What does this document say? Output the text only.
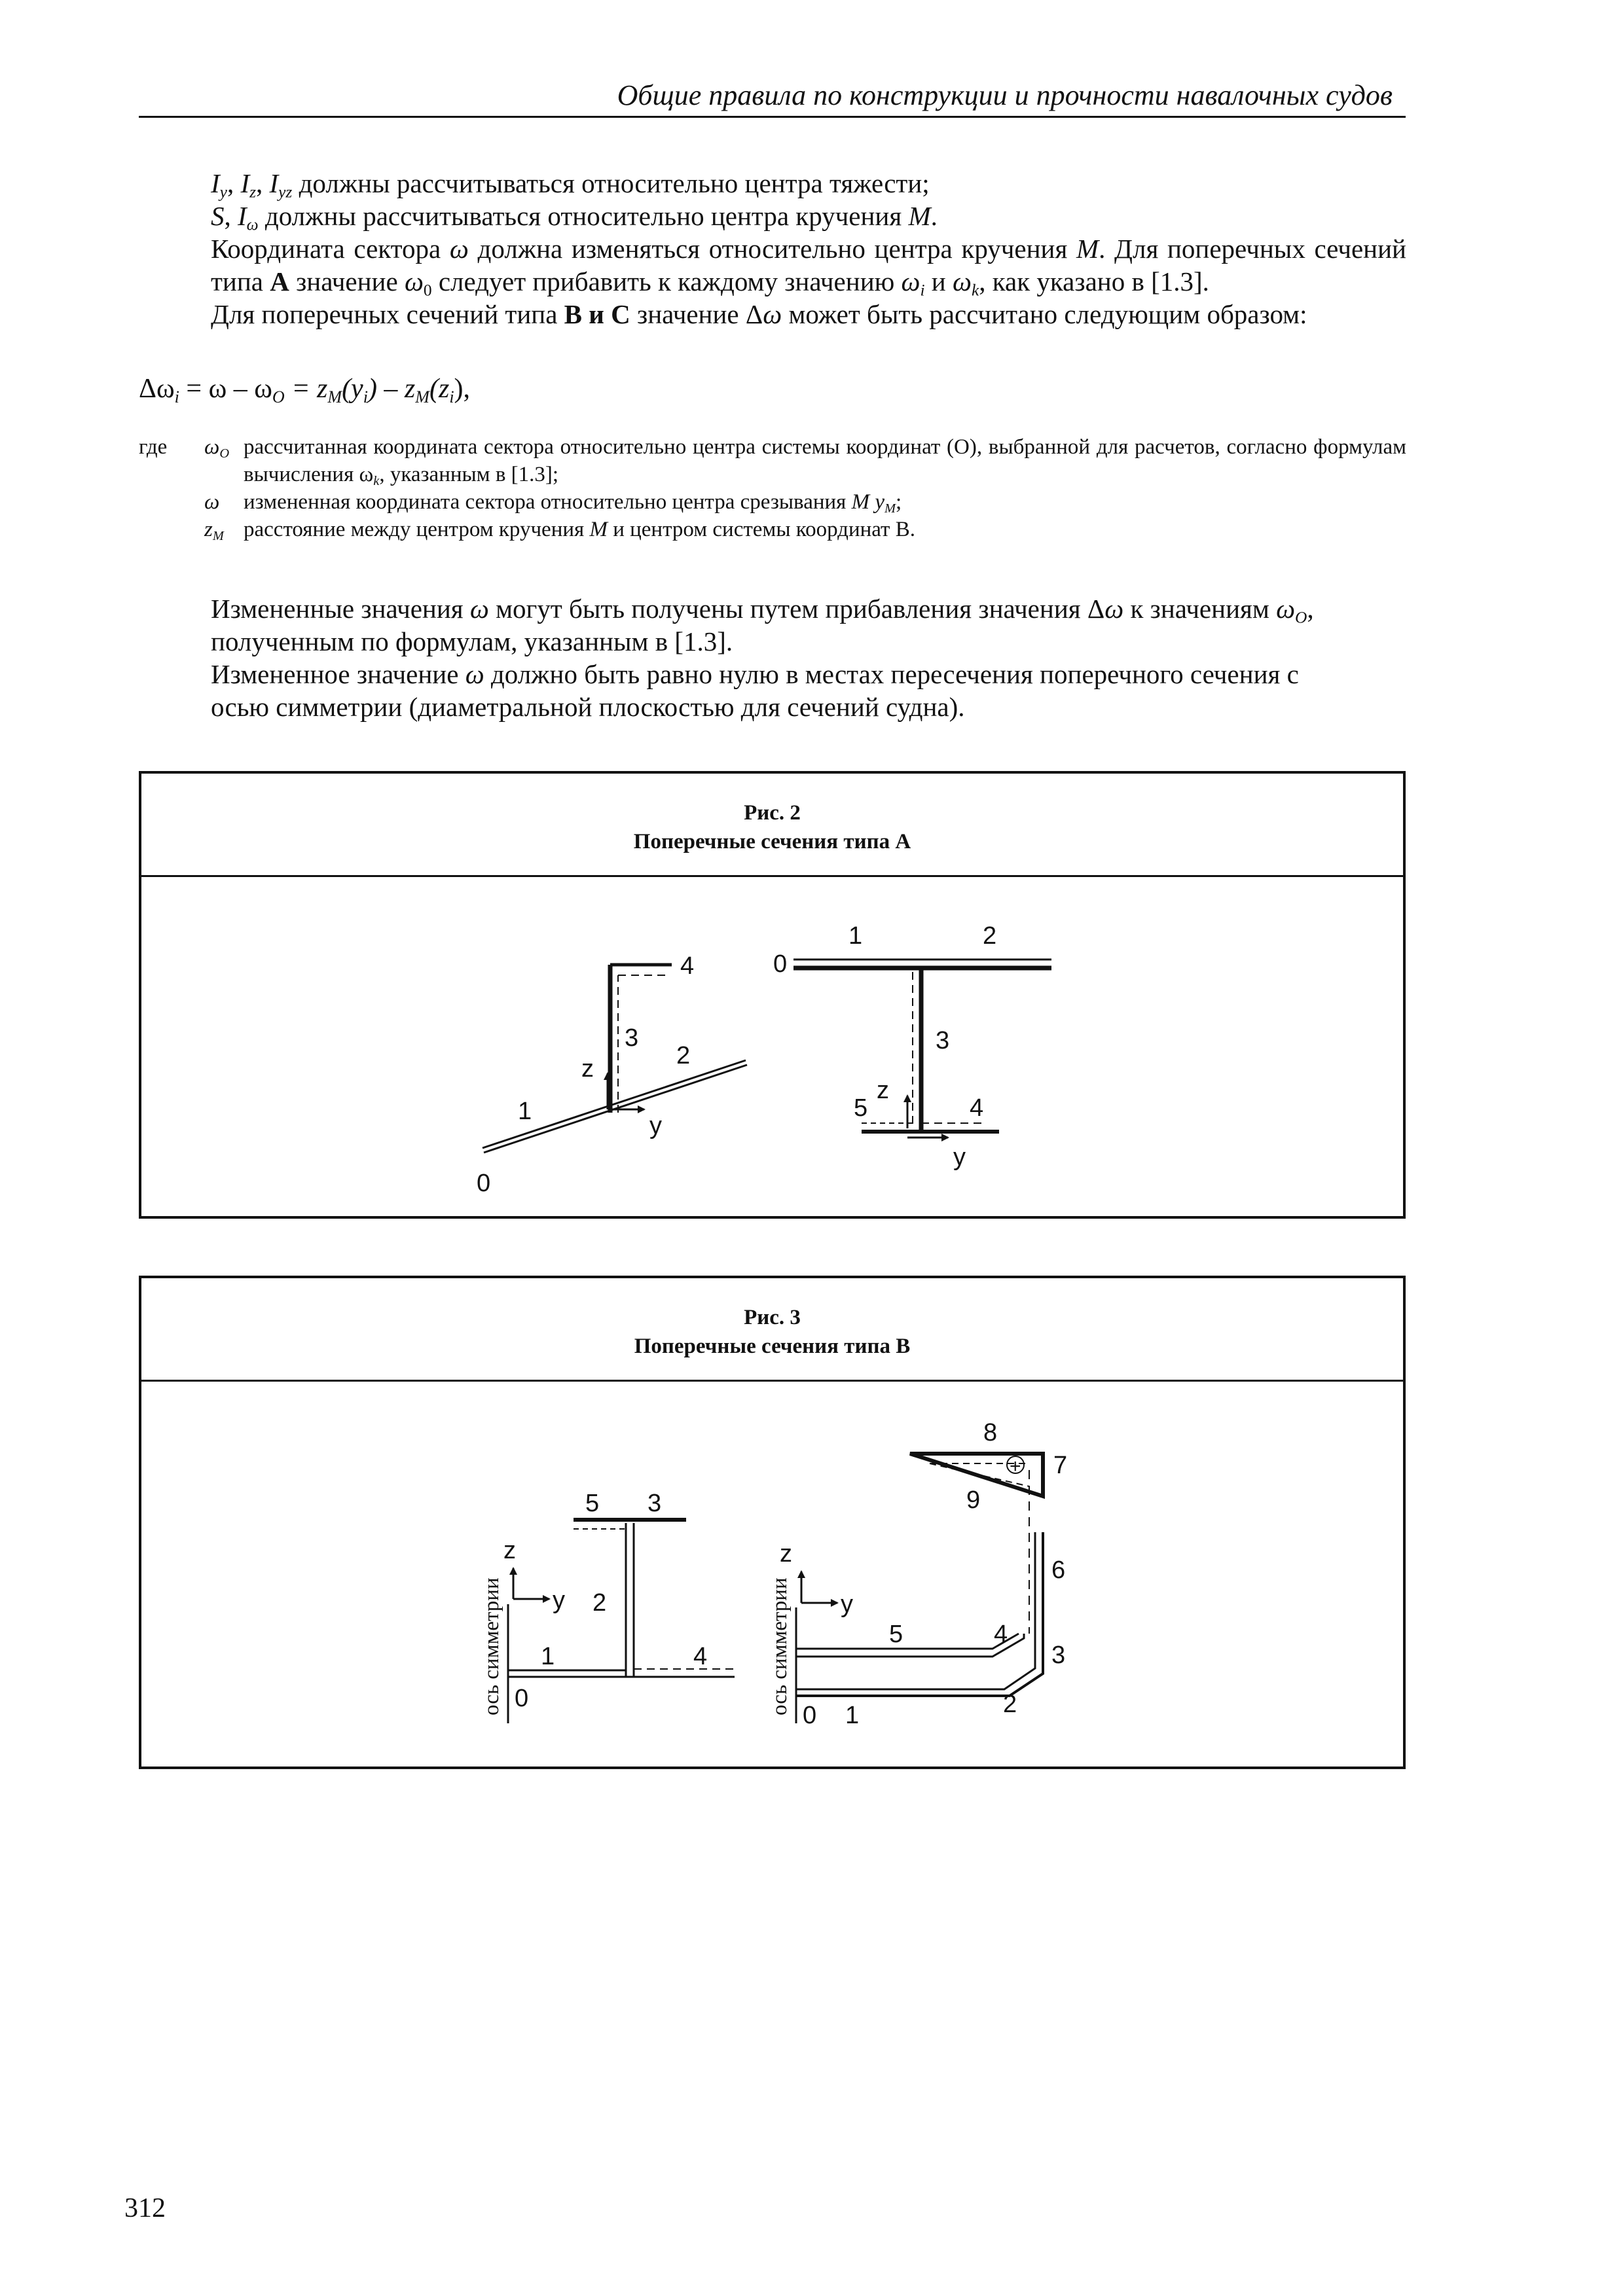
Общие правила по конструкции и прочности навалочных судов
$I_y$, $I_z$, $I_{yz}$ должны рассчитываться относительно центра тяжести;
S, $I_\omega$ должны рассчитываться относительно центра кручения M.
Координата сектора ω должна изменяться относительно центра кручения M. Для поперечных сечений типа A значение $\omega_0$ следует прибавить к каждому значению $\omega_i$ и $\omega_k$, как указано в [1.3].
Для поперечных сечений типа B и C значение Δω может быть рассчитано следующим образом:
$\Delta\omega_i = \omega - \omega_O = z_M(y_i) - z_M(z_i)$,
где $\omega_O$ рассчитанная координата сектора относительно центра системы координат (O), выбранной для расчетов, согласно формулам вычисления $\omega_k$, указанным в [1.3];
ω измененная координата сектора относительно центра срезывания M $y_M$;
$z_M$ расстояние между центром кручения M и центром системы координат B.
Измененные значения ω могут быть получены путем прибавления значения Δω к значениям $\omega_O$,
полученным по формулам, указанным в [1.3].
Измененное значение ω должно быть равно нулю в местах пересечения поперечного сечения с
осью симметрии (диаметральной плоскостью для сечений судна).
Рис. 2
Поперечные сечения типа A
0
1
2
3
4
z
y
0
1	2
3
4
5
z
y
Рис. 3
Поперечные сечения типа B
z
y
0
1
2
3
4
5
ось симметрии
+
z
y
0 1	2
3
4
5
6
7
8
9
ось симметрии
312
